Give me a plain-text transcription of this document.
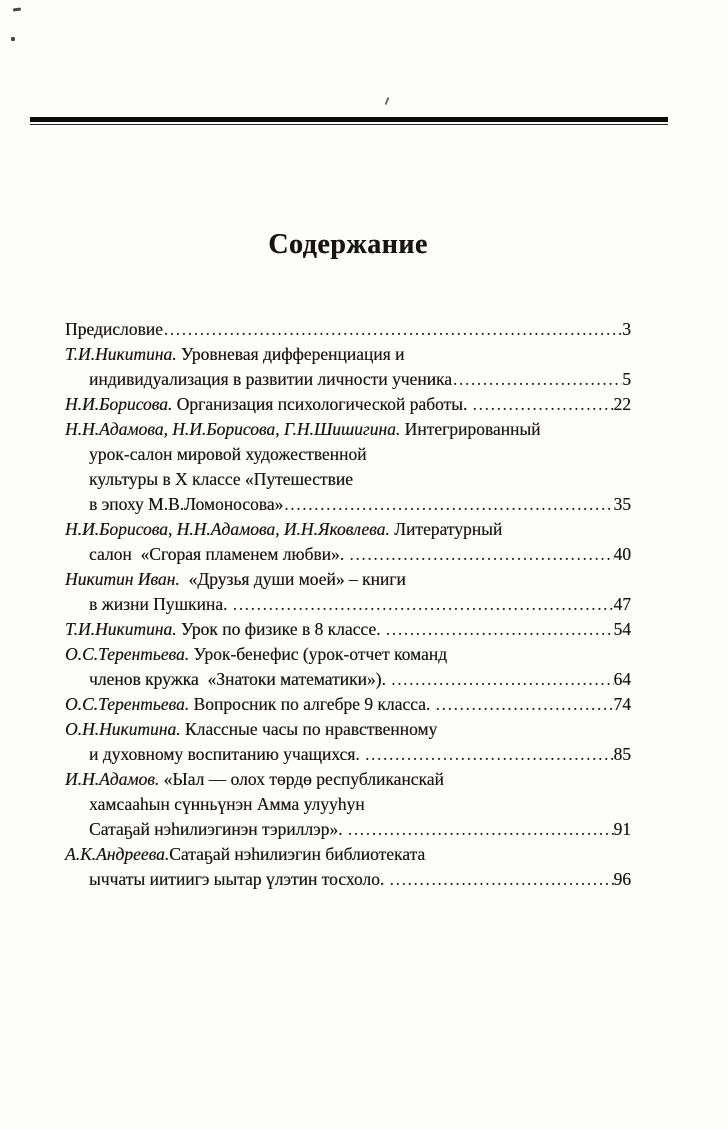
Содержание
Предисловие .....	3
Т.И.Никитина. Уровневая дифференциация и
индивидуализация в развитии личности ученика .....	5
Н.И.Борисова. Организация психологической работы. .....	22
Н.Н.Адамова, Н.И.Борисова, Г.Н.Шишигина. Интегрированный
урок-салон мировой художественной
культуры в X классе «Путешествие
в эпоху М.В.Ломоносова» .....	35
Н.И.Борисова, Н.Н.Адамова, И.Н.Яковлева. Литературный
салон  «Сгорая пламенем любви». .....	40
Никитин Иван. «Друзья души моей» – книги
в жизни Пушкина. .....	47
Т.И.Никитина. Урок по физике в 8 классе. .....	54
О.С.Терентьева. Урок-бенефис (урок-отчет команд
членов кружка  «Знатоки математики»). .....	64
О.С.Терентьева. Вопросник по алгебре 9 класса. .....	74
О.Н.Никитина. Классные часы по нравственному
и духовному воспитанию учащихся. .....	85
И.Н.Адамов. «Ыал — олох төрдө республиканскай
хамсааһын сүнньүнэн Амма улууһун
Сатаҕай нэһилиэгинэн тэриллэр». .....	91
А.К.Андреева. Сатаҕай нэһилиэгин библиотеката
ыччаты иитиигэ ыытар үлэтин тосхоло. .....	96
